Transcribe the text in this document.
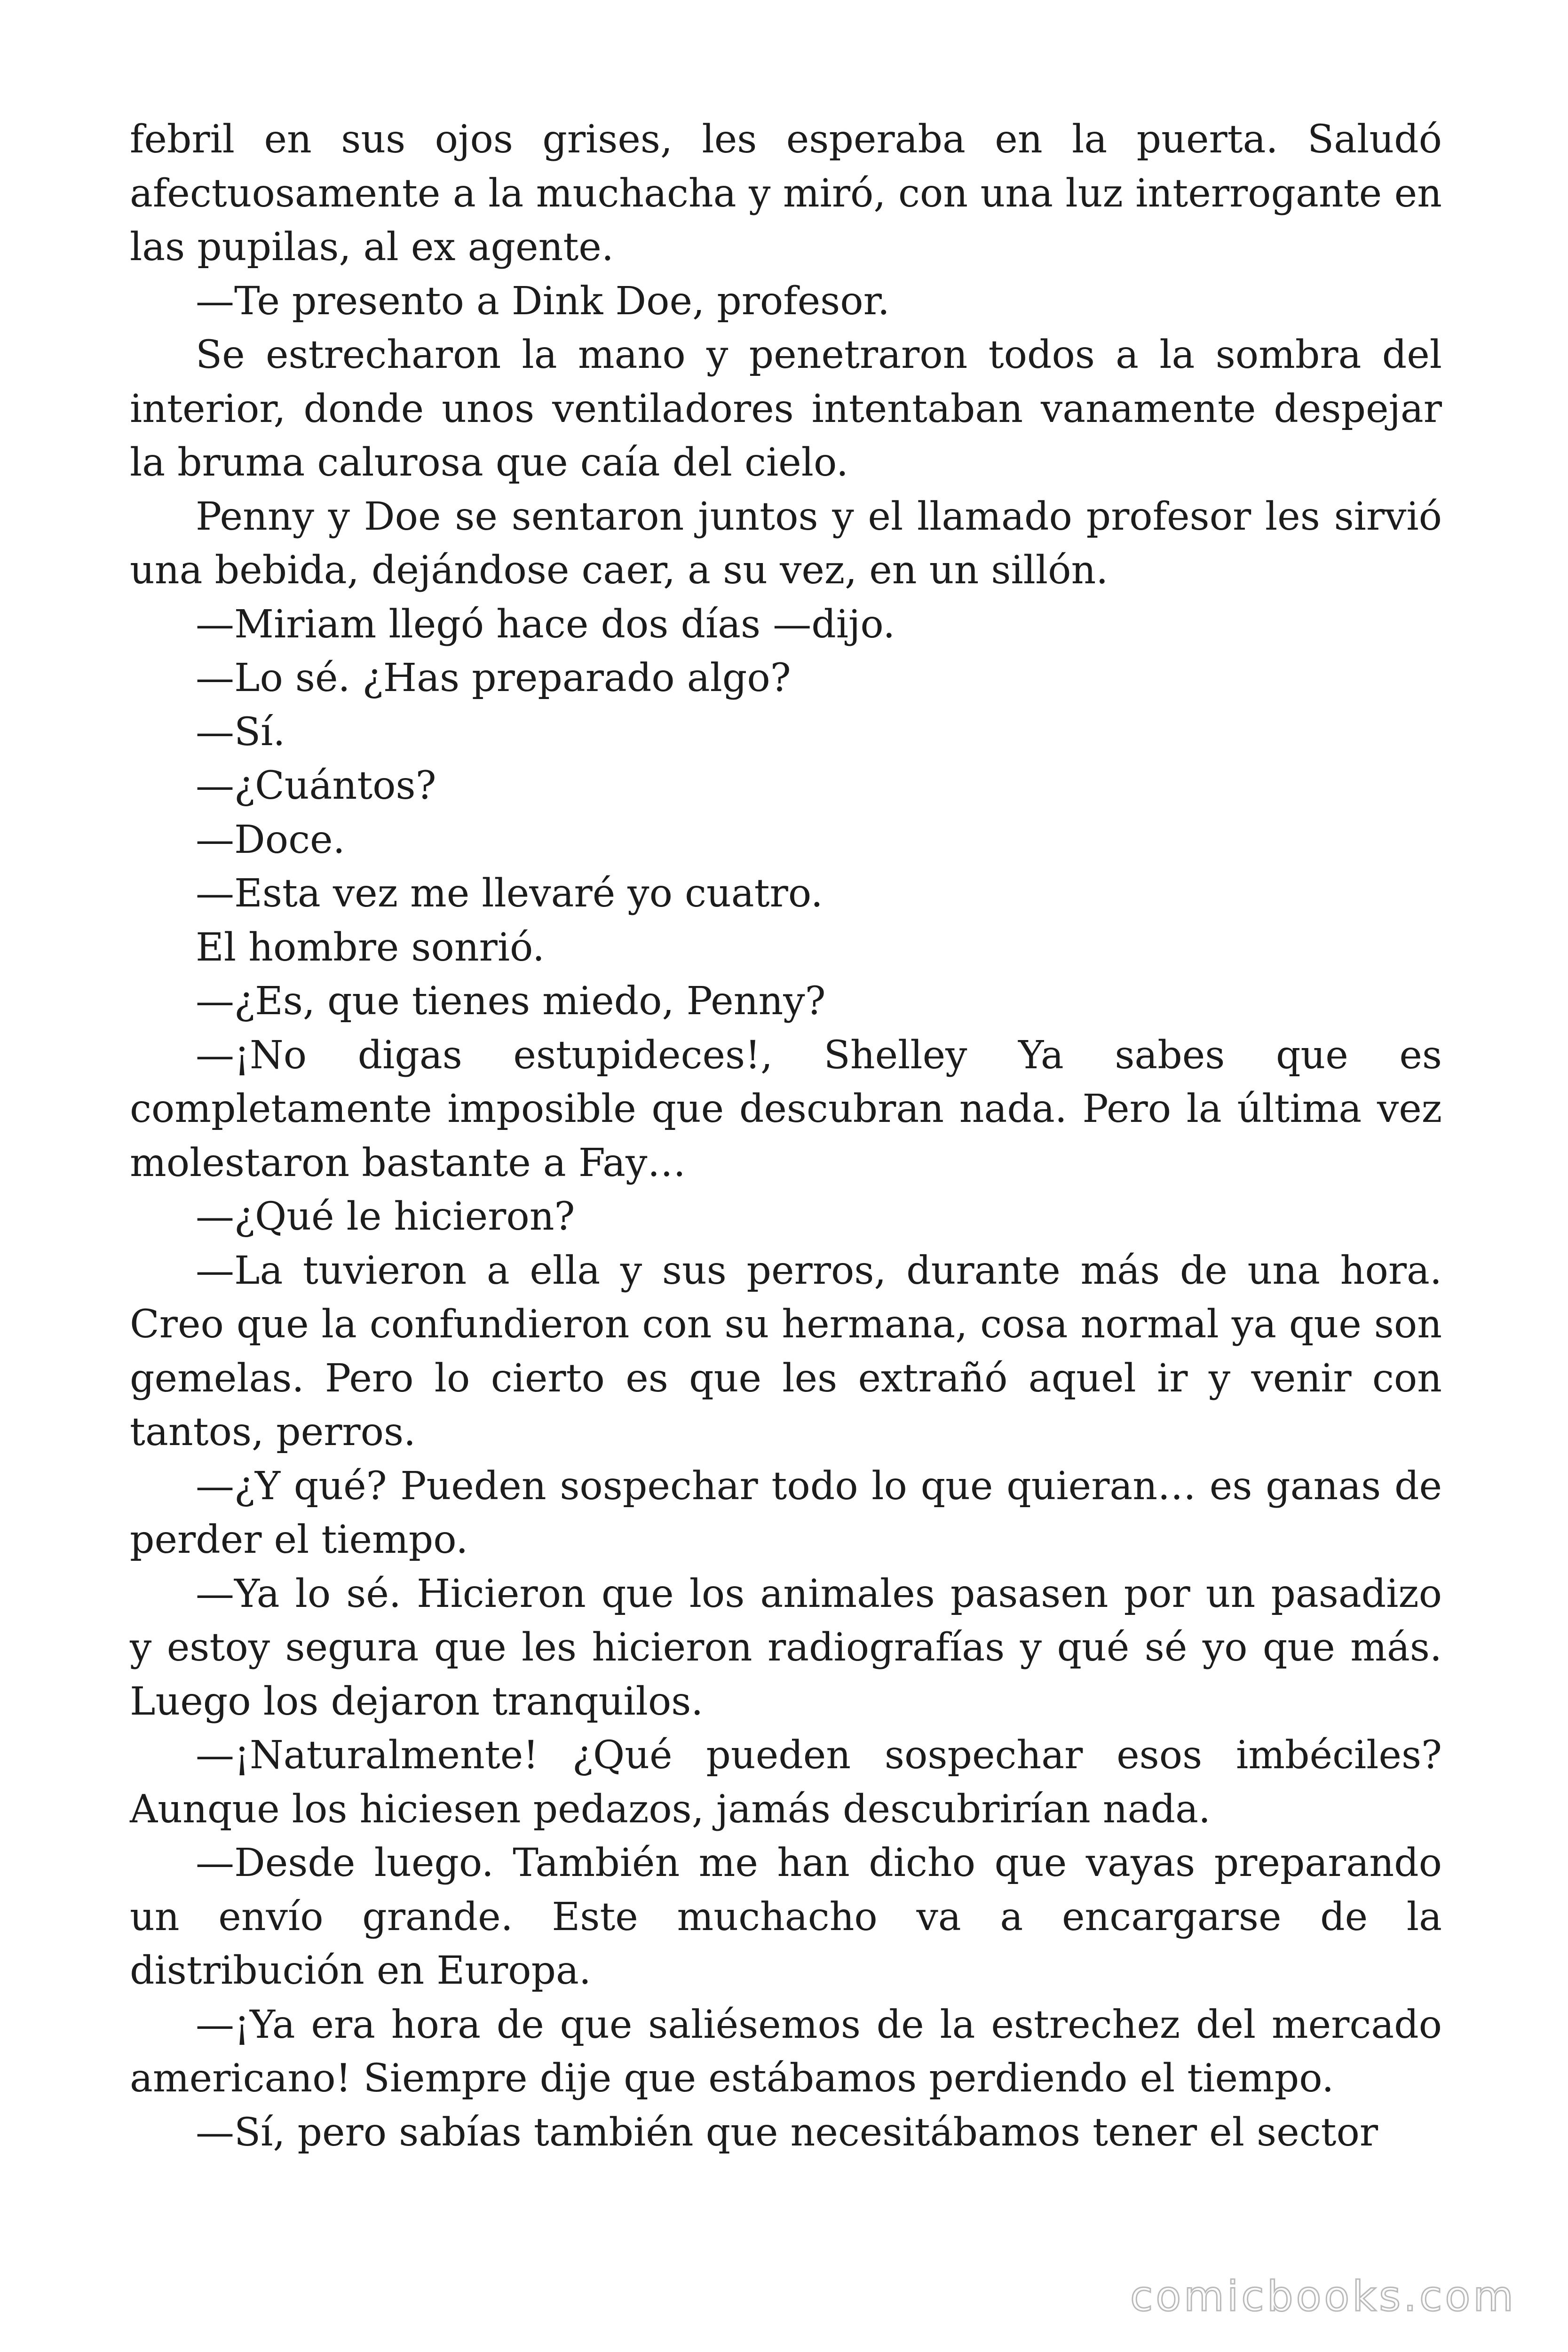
febril en sus ojos grises, les esperaba en la puerta. Saludó afectuosamente a la muchacha y miró, con una luz interrogante en las pupilas, al ex agente.

—Te presento a Dink Doe, profesor.

Se estrecharon la mano y penetraron todos a la sombra del interior, donde unos ventiladores intentaban vanamente despejar la bruma calurosa que caía del cielo.

Penny y Doe se sentaron juntos y el llamado profesor les sirvió una bebida, dejándose caer, a su vez, en un sillón.

—Miriam llegó hace dos días —dijo.

—Lo sé. ¿Has preparado algo?

—Sí.

—¿Cuántos?

—Doce.

—Esta vez me llevaré yo cuatro.

El hombre sonrió.

—¿Es, que tienes miedo, Penny?

—¡No digas estupideces!, Shelley Ya sabes que es completamente imposible que descubran nada. Pero la última vez molestaron bastante a Fay…

—¿Qué le hicieron?

—La tuvieron a ella y sus perros, durante más de una hora. Creo que la confundieron con su hermana, cosa normal ya que son gemelas. Pero lo cierto es que les extrañó aquel ir y venir con tantos, perros.

—¿Y qué? Pueden sospechar todo lo que quieran… es ganas de perder el tiempo.

—Ya lo sé. Hicieron que los animales pasasen por un pasadizo y estoy segura que les hicieron radiografías y qué sé yo que más. Luego los dejaron tranquilos.

—¡Naturalmente! ¿Qué pueden sospechar esos imbéciles? Aunque los hiciesen pedazos, jamás descubrirían nada.

—Desde luego. También me han dicho que vayas preparando un envío grande. Este muchacho va a encargarse de la distribución en Europa.

—¡Ya era hora de que saliésemos de la estrechez del mercado americano! Siempre dije que estábamos perdiendo el tiempo.

—Sí, pero sabías también que necesitábamos tener el sector

comicbooks.com
